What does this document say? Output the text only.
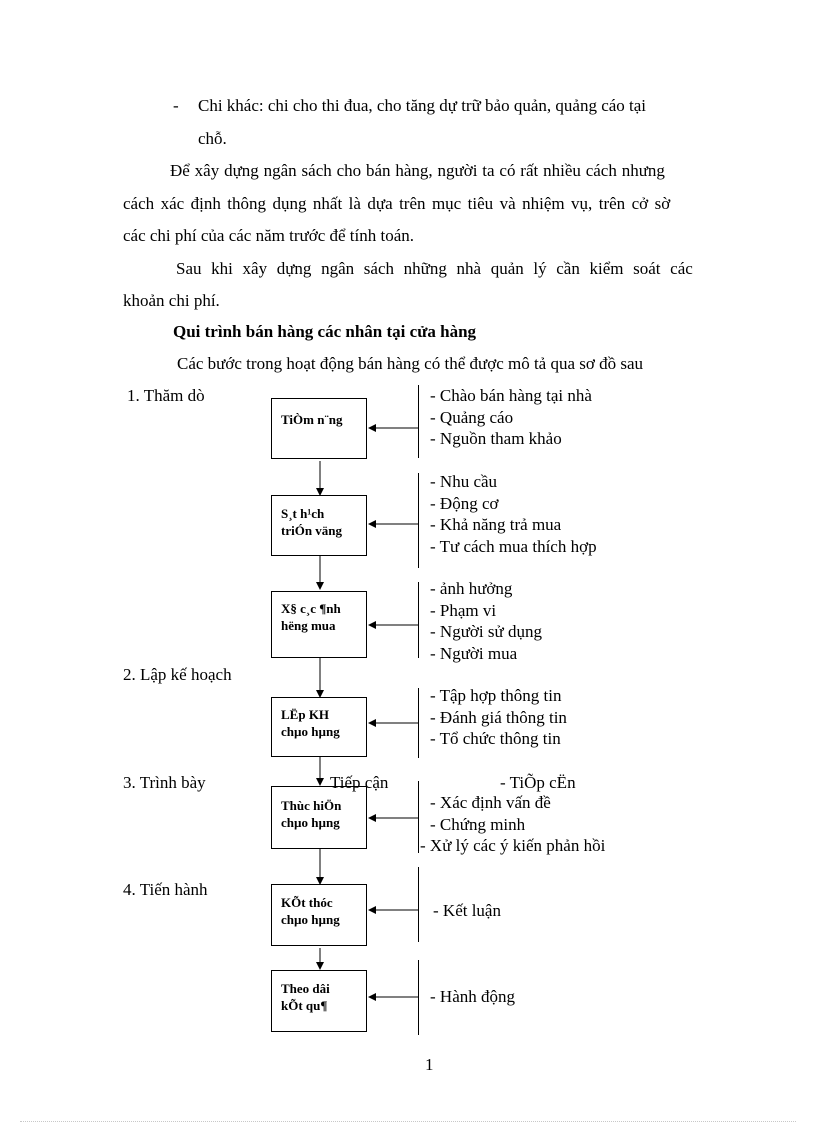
- Chi khác: chi cho thi đua, cho tăng dự trữ bảo quản, quảng cáo tại
chỗ.
Để xây dựng ngân sách cho bán hàng, người ta có rất nhiều cách nhưng
cách xác định thông dụng nhất là dựa trên mục tiêu và nhiệm vụ, trên cở sờ
các chi phí của các năm trước để tính toán.
Sau khi xây dựng ngân sách những nhà quản lý cần kiểm soát các
khoản chi phí.
Qui trình bán hàng các nhân tại cửa hàng
Các bước trong hoạt động bán hàng có thể được mô tả qua sơ đồ sau
1. Thăm dò
2. Lập kế hoạch
3. Trình bày
4. Tiến hành
TiÒm n¨ng
S¸t h¹ch
triÓn väng
X§ c¸c ¶nh
hëng mua
LËp KH
chµo hµng
Thùc hiÖn
chµo hµng
KÕt thóc
chµo hµng
Theo dâi
kÕt qu¶
Tiếp cận	- TiÕp cËn
- Chào bán hàng tại nhà
- Quảng cáo
- Nguồn tham khảo
- Nhu cầu
- Động cơ
- Khả năng trả mua
- Tư cách mua thích hợp
- ảnh hưởng
- Phạm vi
- Người sử dụng
- Người mua
- Tập hợp thông tin
- Đánh giá thông tin
- Tổ chức thông tin
- Xác định vấn đề
- Chứng minh
- Xử lý các ý kiến phản hồi
- Kết luận
- Hành động
1
